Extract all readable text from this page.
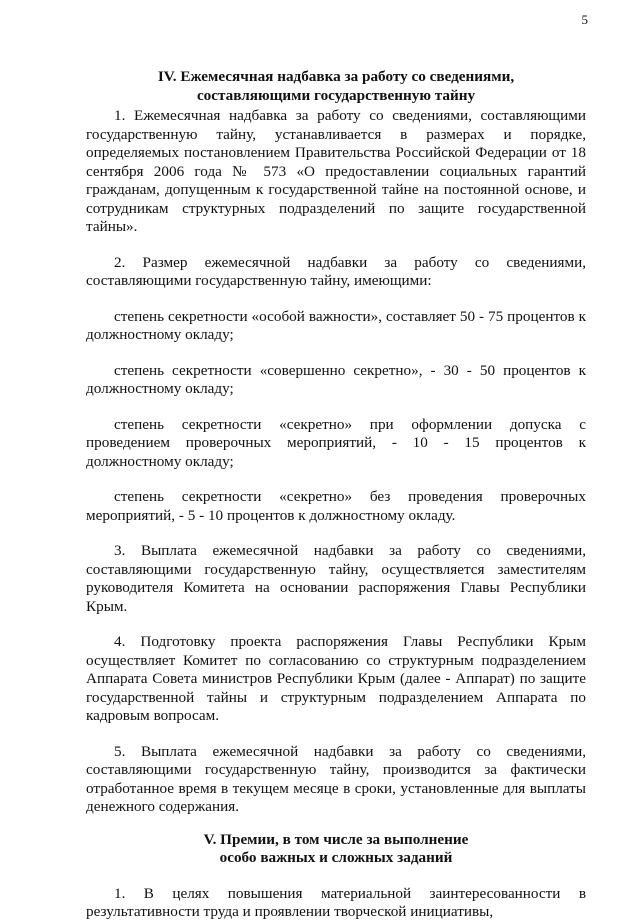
5
IV. Ежемесячная надбавка за работу со сведениями,
составляющими государственную тайну

1. Ежемесячная надбавка за работу со сведениями, составляющими государственную тайну, устанавливается в размерах и порядке, определяемых постановлением Правительства Российской Федерации от 18 сентября 2006 года № 573 «О предоставлении социальных гарантий гражданам, допущенным к государственной тайне на постоянной основе, и сотрудникам структурных подразделений по защите государственной тайны».

2. Размер ежемесячной надбавки за работу со сведениями, составляющими государственную тайну, имеющими:

степень секретности «особой важности», составляет 50 - 75 процентов к должностному окладу;

степень секретности «совершенно секретно», - 30 - 50 процентов к должностному окладу;

степень секретности «секретно» при оформлении допуска с проведением проверочных мероприятий, - 10 - 15 процентов к должностному окладу;

степень секретности «секретно» без проведения проверочных мероприятий, - 5 - 10 процентов к должностному окладу.

3. Выплата ежемесячной надбавки за работу со сведениями, составляющими государственную тайну, осуществляется заместителям руководителя Комитета на основании распоряжения Главы Республики Крым.

4. Подготовку проекта распоряжения Главы Республики Крым осуществляет Комитет по согласованию со структурным подразделением Аппарата Совета министров Республики Крым (далее - Аппарат) по защите государственной тайны и структурным подразделением Аппарата по кадровым вопросам.

5. Выплата ежемесячной надбавки за работу со сведениями, составляющими государственную тайну, производится за фактически отработанное время в текущем месяце в сроки, установленные для выплаты денежного содержания.

V. Премии, в том числе за выполнение
особо важных и сложных заданий

1. В целях повышения материальной заинтересованности в результативности труда и проявлении творческой инициативы,
